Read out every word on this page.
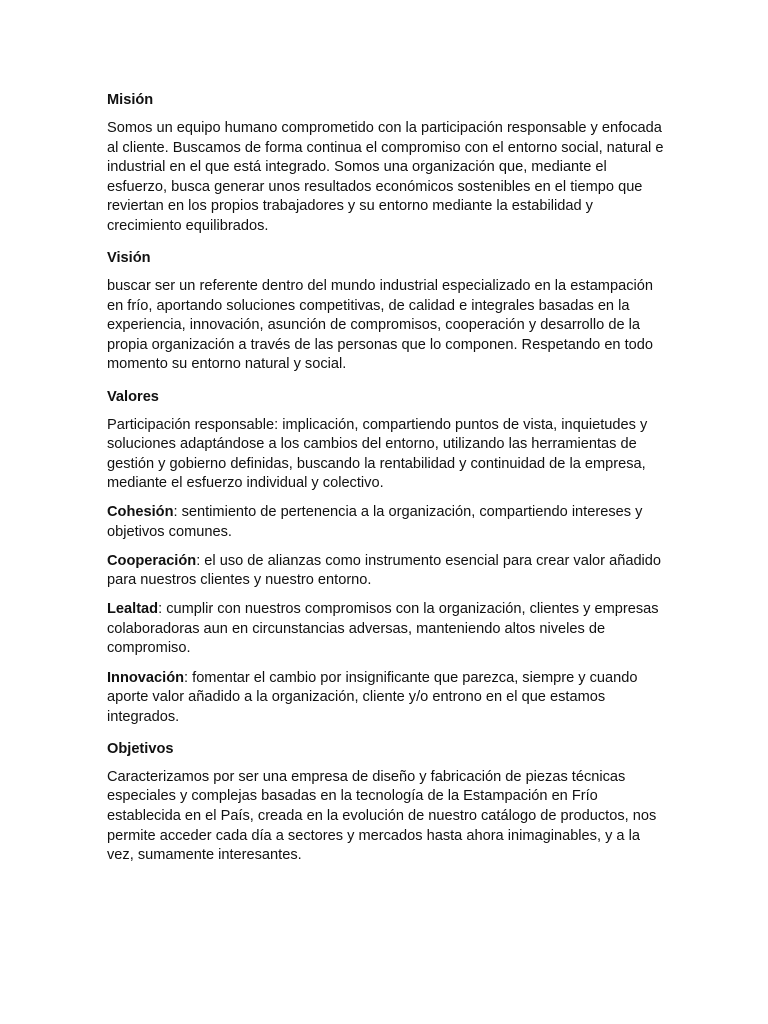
Misión

Somos un equipo humano comprometido con la participación responsable y enfocada al cliente. Buscamos de forma continua el compromiso con el entorno social, natural e industrial en el que está integrado. Somos una organización que, mediante el esfuerzo, busca generar unos resultados económicos sostenibles en el tiempo que reviertan en los propios trabajadores y su entorno mediante la estabilidad y crecimiento equilibrados.

Visión

buscar ser un referente dentro del mundo industrial especializado en la estampación en frío, aportando soluciones competitivas, de calidad e integrales basadas en la experiencia, innovación, asunción de compromisos, cooperación y desarrollo de la propia organización a través de las personas que lo componen. Respetando en todo momento su entorno natural y social.

Valores

Participación responsable: implicación, compartiendo puntos de vista, inquietudes y soluciones adaptándose a los cambios del entorno, utilizando las herramientas de gestión y gobierno definidas, buscando la rentabilidad y continuidad de la empresa, mediante el esfuerzo individual y colectivo.

Cohesión: sentimiento de pertenencia a la organización, compartiendo intereses y objetivos comunes.

Cooperación: el uso de alianzas como instrumento esencial para crear valor añadido para nuestros clientes y nuestro entorno.

Lealtad: cumplir con nuestros compromisos con la organización, clientes y empresas colaboradoras aun en circunstancias adversas, manteniendo altos niveles de compromiso.

Innovación: fomentar el cambio por insignificante que parezca, siempre y cuando aporte valor añadido a la organización, cliente y/o entrono en el que estamos integrados.

Objetivos

Caracterizamos por ser una empresa de diseño y fabricación de piezas técnicas especiales y complejas basadas en la tecnología de la Estampación en Frío establecida en el País, creada en la evolución de nuestro catálogo de productos, nos permite acceder cada día a sectores y mercados hasta ahora inimaginables, y a la vez, sumamente interesantes.
